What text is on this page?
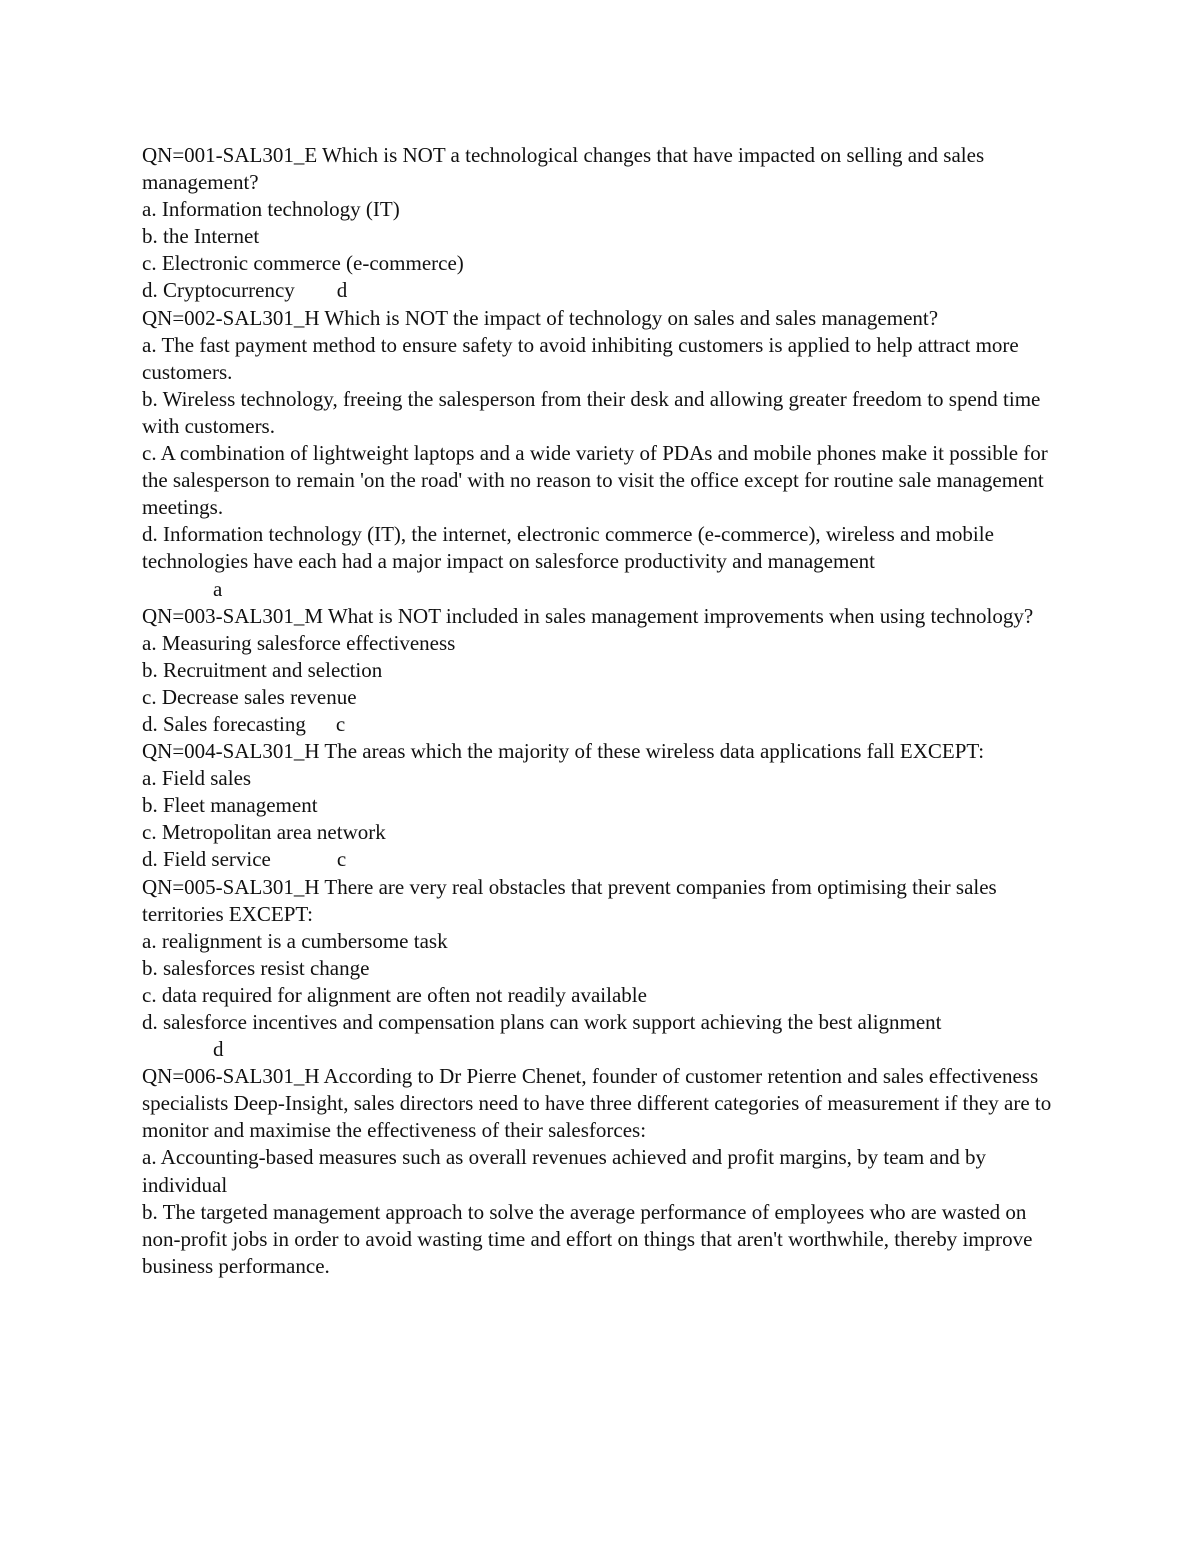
QN=001-SAL301_E Which is NOT a technological changes that have impacted on selling and sales management?
a. Information technology (IT)
b. the Internet
c. Electronic commerce (e-commerce)
d. Cryptocurrency d
QN=002-SAL301_H Which is NOT the impact of technology on sales and sales management?
a. The fast payment method to ensure safety to avoid inhibiting customers is applied to help attract more customers.
b. Wireless technology, freeing the salesperson from their desk and allowing greater freedom to spend time with customers.
c. A combination of lightweight laptops and a wide variety of PDAs and mobile phones make it possible for the salesperson to remain 'on the road' with no reason to visit the office except for routine sale management meetings.
d. Information technology (IT), the internet, electronic commerce (e-commerce), wireless and mobile technologies have each had a major impact on salesforce productivity and management
a
QN=003-SAL301_M What is NOT included in sales management improvements when using technology?
a. Measuring salesforce effectiveness
b. Recruitment and selection
c. Decrease sales revenue
d. Sales forecasting c
QN=004-SAL301_H The areas which the majority of these wireless data applications fall EXCEPT:
a. Field sales
b. Fleet management
c. Metropolitan area network
d. Field service	c
QN=005-SAL301_H There are very real obstacles that prevent companies from optimising their sales territories EXCEPT:
a. realignment is a cumbersome task
b. salesforces resist change
c. data required for alignment are often not readily available
d. salesforce incentives and compensation plans can work support achieving the best alignment
d
QN=006-SAL301_H According to Dr Pierre Chenet, founder of customer retention and sales effectiveness specialists Deep-Insight, sales directors need to have three different categories of measurement if they are to monitor and maximise the effectiveness of their salesforces:
a. Accounting-based measures such as overall revenues achieved and profit margins, by team and by individual
b. The targeted management approach to solve the average performance of employees who are wasted on non-profit jobs in order to avoid wasting time and effort on things that aren't worthwhile, thereby improve business performance.
